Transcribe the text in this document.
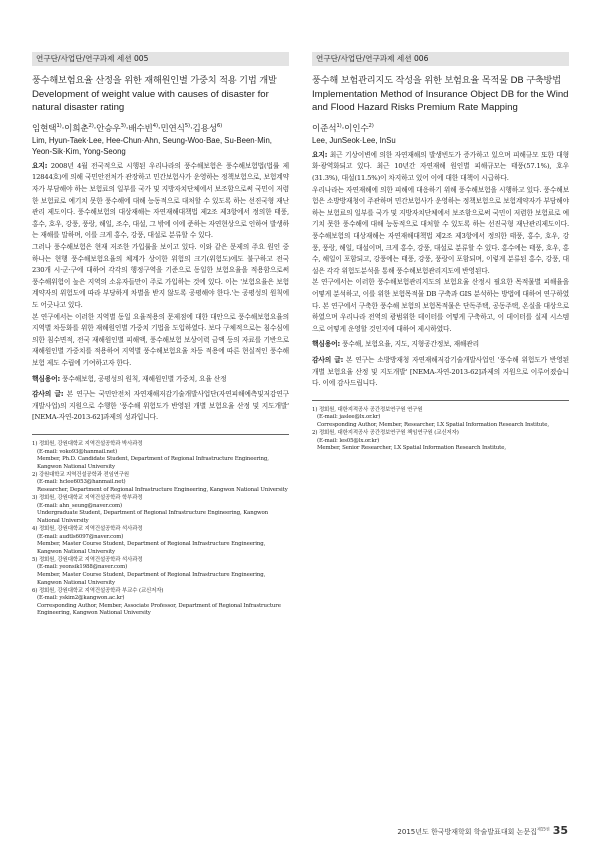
연구단/사업단/연구과제 세션 005
풍수해보험요율 산정을 위한 재해원인별 가중치 적용 기법 개발
Development of weight value with causes of disaster for natural disaster rating
임현택$^{1)}$·이희춘$^{2)}$·안승우$^{3)}$·배수빈$^{4)}$·민연식$^{5)}$·김용성$^{6)}$
Lim, Hyun-Taek·Lee, Hee-Chun·Ahn, Seung-Woo·Bae, Su-Been·Min, Yeon-Sik·Kim, Yong-Seong
요지: 2008년 4월 전국적으로 시행된 우리나라의 풍수해보험은 풍수해보험법(법률 제12844호)에 의해 국민안전처가 관장하고 민간보험사가 운영하는 정책보험으로, 보험계약자가 부담해야 하는 보험료의 일부를 국가 및 지방자치단체에서 보조함으로써 국민이 저렴한 보험료로 예기치 못한 풍수해에 대해 능동적으로 대처할 수 있도록 하는 선진국형 재난관리 제도이다. 풍수해보험의 대상재해는 자연재해대책법 제2조 제3항에서 정의한 태풍, 홍수, 호우, 강풍, 풍랑, 해일, 조수, 대설, 그 밖에 이에 준하는 자연현상으로 인하여 발생하는 재해를 말하며, 이를 크게 홍수, 강풍, 대설로 분류할 수 있다.
그러나 풍수해보험은 현재 저조한 가입률을 보이고 있다. 이와 같은 문제의 주요 원인 중 하나는 현행 풍수해보험요율의 체계가 상이한 위험의 크기(위험도)에도 불구하고 전국 230개 시·군·구에 대하여 각각의 행정구역을 기준으로 동일한 보험요율을 적용함으로써 풍수해위험이 높은 지역의 소유자들만이 주로 가입하는 것에 있다. 이는 '보험요율은 보험계약자의 위험도에 따라 부당하게 차별을 받지 않도록 공평해야 한다.'는 공평성의 원칙에도 어긋나고 있다.
본 연구에서는 이러한 지역별 동일 요율적용의 문제점에 대한 대안으로 풍수해보험요율의 지역별 차등화를 위한 재해원인별 가중치 기법을 도입하였다. 보다 구체적으로는 침수심에 의한 침수면적, 전국 재해원인별 피해액, 풍수해보험 보상이력 금액 등의 자료를 기반으로 재해원인별 가중치를 적용하여 지역별 풍수해보험요율 차등 적용에 따른 현실적인 풍수해보험 제도 수립에 기여하고자 한다.
핵심용어: 풍수해보험, 공평성의 원칙, 재해원인별 가중치, 요율 산정
감사의 글: 본 연구는 국민안전처 자연재해저감기술개발사업단(자연피해예측및저감연구개발사업)의 지원으로 수행한 '풍수해 위험도가 반영된 개별 보험요율 산정 및 지도개발' [NEMA-자연-2013-62]과제의 성과입니다.
1) 정회원, 강원대학교 지역건설공학과 박사과정
(E-mail: voko93@hanmail.net)
Member, Ph.D. Candidate Student, Department of Regional Infrastructure Engineering, Kangwon National University
2) 강원대학교 지역건설공학과 전임연구원
(E-mail: hclee6053@hanmail.net)
Researcher, Department of Regional Infrastructure Engineering, Kangwon National University
3) 정회원, 강원대학교 지역건설공학과 학부과정
(E-mail: ahn_seung@naver.com)
Undergraduate Student, Department of Regional Infrastructure Engineering, Kangwon National University
4) 정회원, 강원대학교 지역건설공학과 석사과정
(E-mail: audtls6097@naver.com)
Member, Master Course Student, Department of Regional Infrastructure Engineering, Kangwon National University
5) 정회원, 강원대학교 지역건설공학과 석사과정
(E-mail: yeonsik1988@naver.com)
Member, Master Course Student, Department of Regional Infrastructure Engineering, Kangwon National University
6) 정회원, 강원대학교 지역건설공학과 부교수 (교신저자)
(E-mail: yskim2@kangwon.ac.kr)
Corresponding Author, Member, Associate Professor, Department of Regional Infrastructure Engineering, Kangwon National University
연구단/사업단/연구과제 세션 006
풍수해 보험관리지도 작성을 위한 보험요율 목적물 DB 구축방법
Implementation Method of Insurance Object DB for the Wind and Flood Hazard Risks Premium Rate Mapping
이준석$^{1)}$·이인수$^{2)}$
Lee, JunSeok·Lee, InSu
요지: 최근 기상이변에 의한 자연재해의 발생빈도가 증가하고 있으며 피해규모 또한 대형화·광역화되고 있다. 최근 10년간 자연재해 원인별 피해규모는 태풍(57.1%), 호우(31.3%), 대설(11.5%)이 차지하고 있어 이에 대한 대책이 시급하다.
우리나라는 자연재해에 의한 피해에 대응하기 위해 풍수해보험을 시행하고 있다. 풍수해보험은 소방방재청이 주관하며 민간보험사가 운영하는 정책보험으로 보험계약자가 부담해야 하는 보험료의 일부를 국가 및 지방자치단체에서 보조함으로써 국민이 저렴한 보험료로 예기치 못한 풍수해에 대해 능동적으로 대처할 수 있도록 하는 선진국형 재난관리제도이다. 풍수해보험의 대상재해는 자연재해대책법 제2조 제3항에서 정의한 태풍, 홍수, 호우, 강풍, 풍랑, 해일, 대설이며, 크게 홍수, 강풍, 대설로 분류할 수 있다. 홍수에는 태풍, 호우, 홍수, 해일이 포함되고, 강풍에는 태풍, 강풍, 풍랑이 포함되며, 이렇게 분류된 홍수, 강풍, 대설은 각각 위험도분석을 통해 풍수해보험관리지도에 반영된다.
본 연구에서는 이러한 풍수해보험관리지도의 보험요율 산정시 필요한 목적물별 피해율을 어떻게 분석하고, 이를 위한 보험목적물 DB 구축과 GIS 분석하는 방법에 대하여 연구하였다. 본 연구에서 구축한 풍수해 보험의 보험목적물은 단독주택, 공동주택, 온실을 대상으로 하였으며 우리나라 전역의 광범위한 데이터를 어떻게 구축하고, 이 데이터를 실제 시스템으로 어떻게 운영할 것인지에 대하여 제시하였다.
핵심용어: 풍수해, 보험요율, 지도, 지형공간정보, 재해관리
감사의 글: 본 연구는 소방방재청 자연재해저감기술개발사업인 '풍수해 위험도가 반영된 개별 보험요율 산정 및 지도개발' [NEMA-자연-2013-62]과제의 지원으로 이루어졌습니다. 이에 감사드립니다.
1) 정회원, 대한지적공사 공간정보연구원 연구원
(E-mail: jaslee@lx.or.kr)
Corresponding Author, Member, Researcher, LX Spatial Information Research Institute,
2) 정회원, 대한지적공사 공간정보연구원 책임연구원 (교신저자)
(E-mail: les05@lx.or.kr)
Member, Senior Researcher, LX Spatial Information Research Institute,
2015년도 한국방재학회 학술발표대회 논문집$^{제15권}$ 35
